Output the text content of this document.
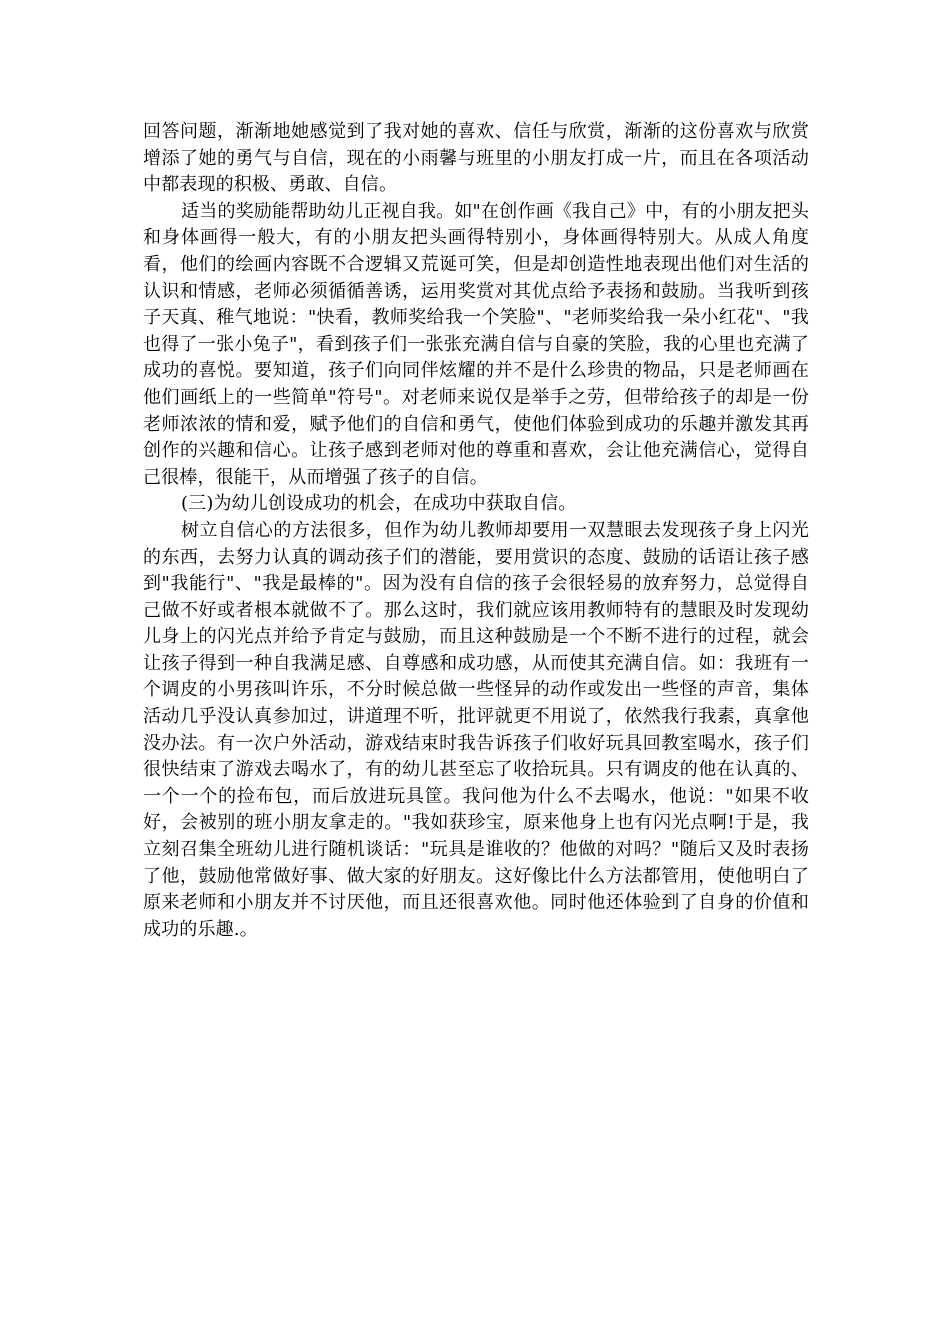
回答问题，渐渐地她感觉到了我对她的喜欢、信任与欣赏，渐渐的这份喜欢与欣赏增添了她的勇气与自信，现在的小雨馨与班里的小朋友打成一片，而且在各项活动中都表现的积极、勇敢、自信。

适当的奖励能帮助幼儿正视自我。如"在创作画《我自己》中，有的小朋友把头和身体画得一般大，有的小朋友把头画得特别小，身体画得特别大。从成人角度看，他们的绘画内容既不合逻辑又荒诞可笑，但是却创造性地表现出他们对生活的认识和情感，老师必须循循善诱，运用奖赏对其优点给予表扬和鼓励。当我听到孩子天真、稚气地说："快看，教师奖给我一个笑脸"、"老师奖给我一朵小红花"、"我也得了一张小兔子"，看到孩子们一张张充满自信与自豪的笑脸，我的心里也充满了成功的喜悦。要知道，孩子们向同伴炫耀的并不是什么珍贵的物品，只是老师画在他们画纸上的一些简单"符号"。对老师来说仅是举手之劳，但带给孩子的却是一份老师浓浓的情和爱，赋予他们的自信和勇气，使他们体验到成功的乐趣并激发其再创作的兴趣和信心。让孩子感到老师对他的尊重和喜欢，会让他充满信心，觉得自己很棒，很能干，从而增强了孩子的自信。

(三)为幼儿创设成功的机会，在成功中获取自信。

树立自信心的方法很多，但作为幼儿教师却要用一双慧眼去发现孩子身上闪光的东西，去努力认真的调动孩子们的潜能，要用赏识的态度、鼓励的话语让孩子感到"我能行"、"我是最棒的"。因为没有自信的孩子会很轻易的放弃努力，总觉得自己做不好或者根本就做不了。那么这时，我们就应该用教师特有的慧眼及时发现幼儿身上的闪光点并给予肯定与鼓励，而且这种鼓励是一个不断不进行的过程，就会让孩子得到一种自我满足感、自尊感和成功感，从而使其充满自信。如：我班有一个调皮的小男孩叫许乐，不分时候总做一些怪异的动作或发出一些怪的声音，集体活动几乎没认真参加过，讲道理不听，批评就更不用说了，依然我行我素，真拿他没办法。有一次户外活动，游戏结束时我告诉孩子们收好玩具回教室喝水，孩子们很快结束了游戏去喝水了，有的幼儿甚至忘了收拾玩具。只有调皮的他在认真的、一个一个的捡布包，而后放进玩具筐。我问他为什么不去喝水，他说："如果不收好，会被别的班小朋友拿走的。"我如获珍宝，原来他身上也有闪光点啊!于是，我立刻召集全班幼儿进行随机谈话："玩具是谁收的？他做的对吗？"随后又及时表扬了他，鼓励他常做好事、做大家的好朋友。这好像比什么方法都管用，使他明白了原来老师和小朋友并不讨厌他，而且还很喜欢他。同时他还体验到了自身的价值和成功的乐趣.。
